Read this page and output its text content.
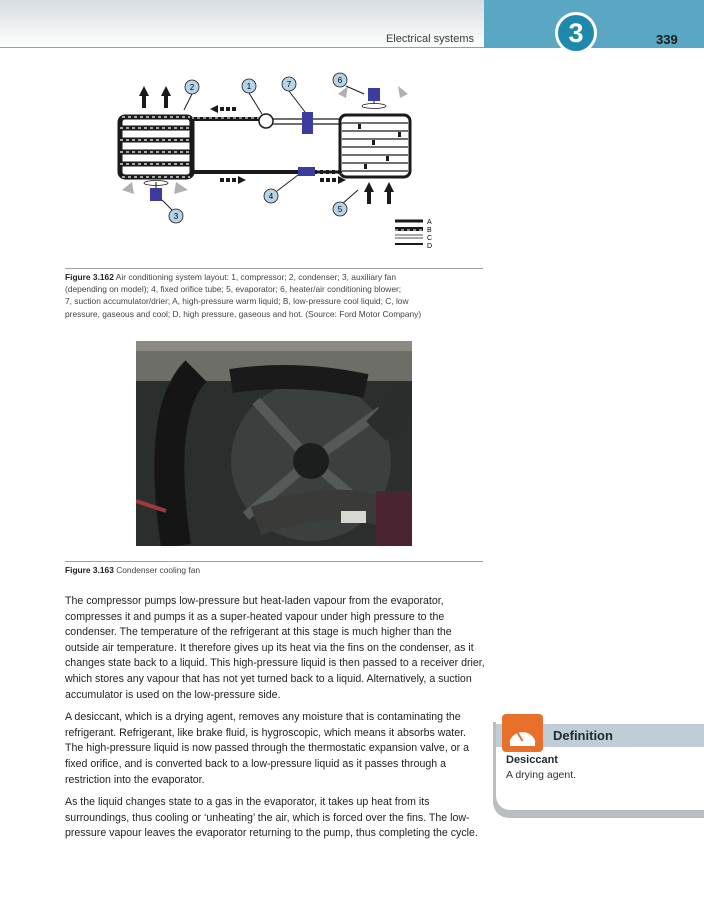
Electrical systems	3	339
2	1	7	6
3
4
5
A
B
C
D
Figure 3.162 Air conditioning system layout: 1, compressor; 2, condenser; 3, auxiliary fan
(depending on model); 4, fixed orifice tube; 5, evaporator; 6, heater/air conditioning blower;
7, suction accumulator/drier; A, high-pressure warm liquid; B, low-pressure cool liquid; C, low
pressure, gaseous and cool; D, high pressure, gaseous and hot. (Source: Ford Motor Company)
Figure 3.163 Condenser cooling fan

The compressor pumps low-pressure but heat-laden vapour from the evaporator, compresses it and pumps it as a super-heated vapour under high pressure to the condenser. The temperature of the refrigerant at this stage is much higher than the outside air temperature. It therefore gives up its heat via the fins on the condenser, as it changes state back to a liquid. This high-pressure liquid is then passed to a receiver drier, which stores any vapour that has not yet turned back to a liquid. Alternatively, a suction accumulator is used on the low-pressure side.

A desiccant, which is a drying agent, removes any moisture that is contaminating the refrigerant. Refrigerant, like brake fluid, is hygroscopic, which means it absorbs water. The high-pressure liquid is now passed through the thermostatic expansion valve, or a fixed orifice, and is converted back to a low-pressure liquid as it passes through a restriction into the evaporator.

As the liquid changes state to a gas in the evaporator, it takes up heat from its surroundings, thus cooling or ‘unheating’ the air, which is forced over the fins. The low-pressure vapour leaves the evaporator returning to the pump, thus completing the cycle.

Definition
Desiccant
A drying agent.
